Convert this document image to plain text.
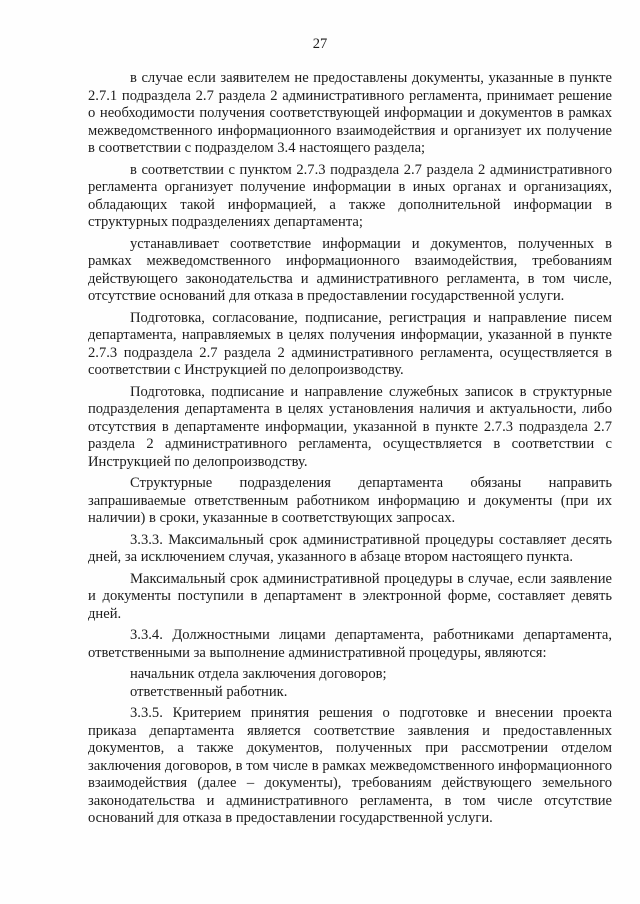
27

в случае если заявителем не предоставлены документы, указанные в пункте 2.7.1 подраздела 2.7 раздела 2 административного регламента, принимает решение о необходимости получения соответствующей информации и документов в рамках межведомственного информационного взаимодействия и организует их получение в соответствии с подразделом 3.4 настоящего раздела;

в соответствии с пунктом 2.7.3 подраздела 2.7 раздела 2 административного регламента организует получение информации в иных органах и организациях, обладающих такой информацией, а также дополнительной информации в структурных подразделениях департамента;

устанавливает соответствие информации и документов, полученных в рамках межведомственного информационного взаимодействия, требованиям действующего законодательства и административного регламента, в том числе, отсутствие оснований для отказа в предоставлении государственной услуги.

Подготовка, согласование, подписание, регистрация и направление писем департамента, направляемых в целях получения информации, указанной в пункте 2.7.3 подраздела 2.7 раздела 2 административного регламента, осуществляется в соответствии с Инструкцией по делопроизводству.

Подготовка, подписание и направление служебных записок в структурные подразделения департамента в целях установления наличия и актуальности, либо отсутствия в департаменте информации, указанной в пункте 2.7.3 подраздела 2.7 раздела 2 административного регламента, осуществляется в соответствии с Инструкцией по делопроизводству.

Структурные подразделения департамента обязаны направить запрашиваемые ответственным работником информацию и документы (при их наличии) в сроки, указанные в соответствующих запросах.

3.3.3. Максимальный срок административной процедуры составляет десять дней, за исключением случая, указанного в абзаце втором настоящего пункта.

Максимальный срок административной процедуры в случае, если заявление и документы поступили в департамент в электронной форме, составляет девять дней.

3.3.4. Должностными лицами департамента, работниками департамента, ответственными за выполнение административной процедуры, являются:

начальник отдела заключения договоров;

ответственный работник.

3.3.5. Критерием принятия решения о подготовке и внесении проекта приказа департамента является соответствие заявления и предоставленных документов, а также документов, полученных при рассмотрении отделом заключения договоров, в том числе в рамках межведомственного информационного взаимодействия (далее – документы), требованиям действующего земельного законодательства и административного регламента, в том числе отсутствие оснований для отказа в предоставлении государственной услуги.
